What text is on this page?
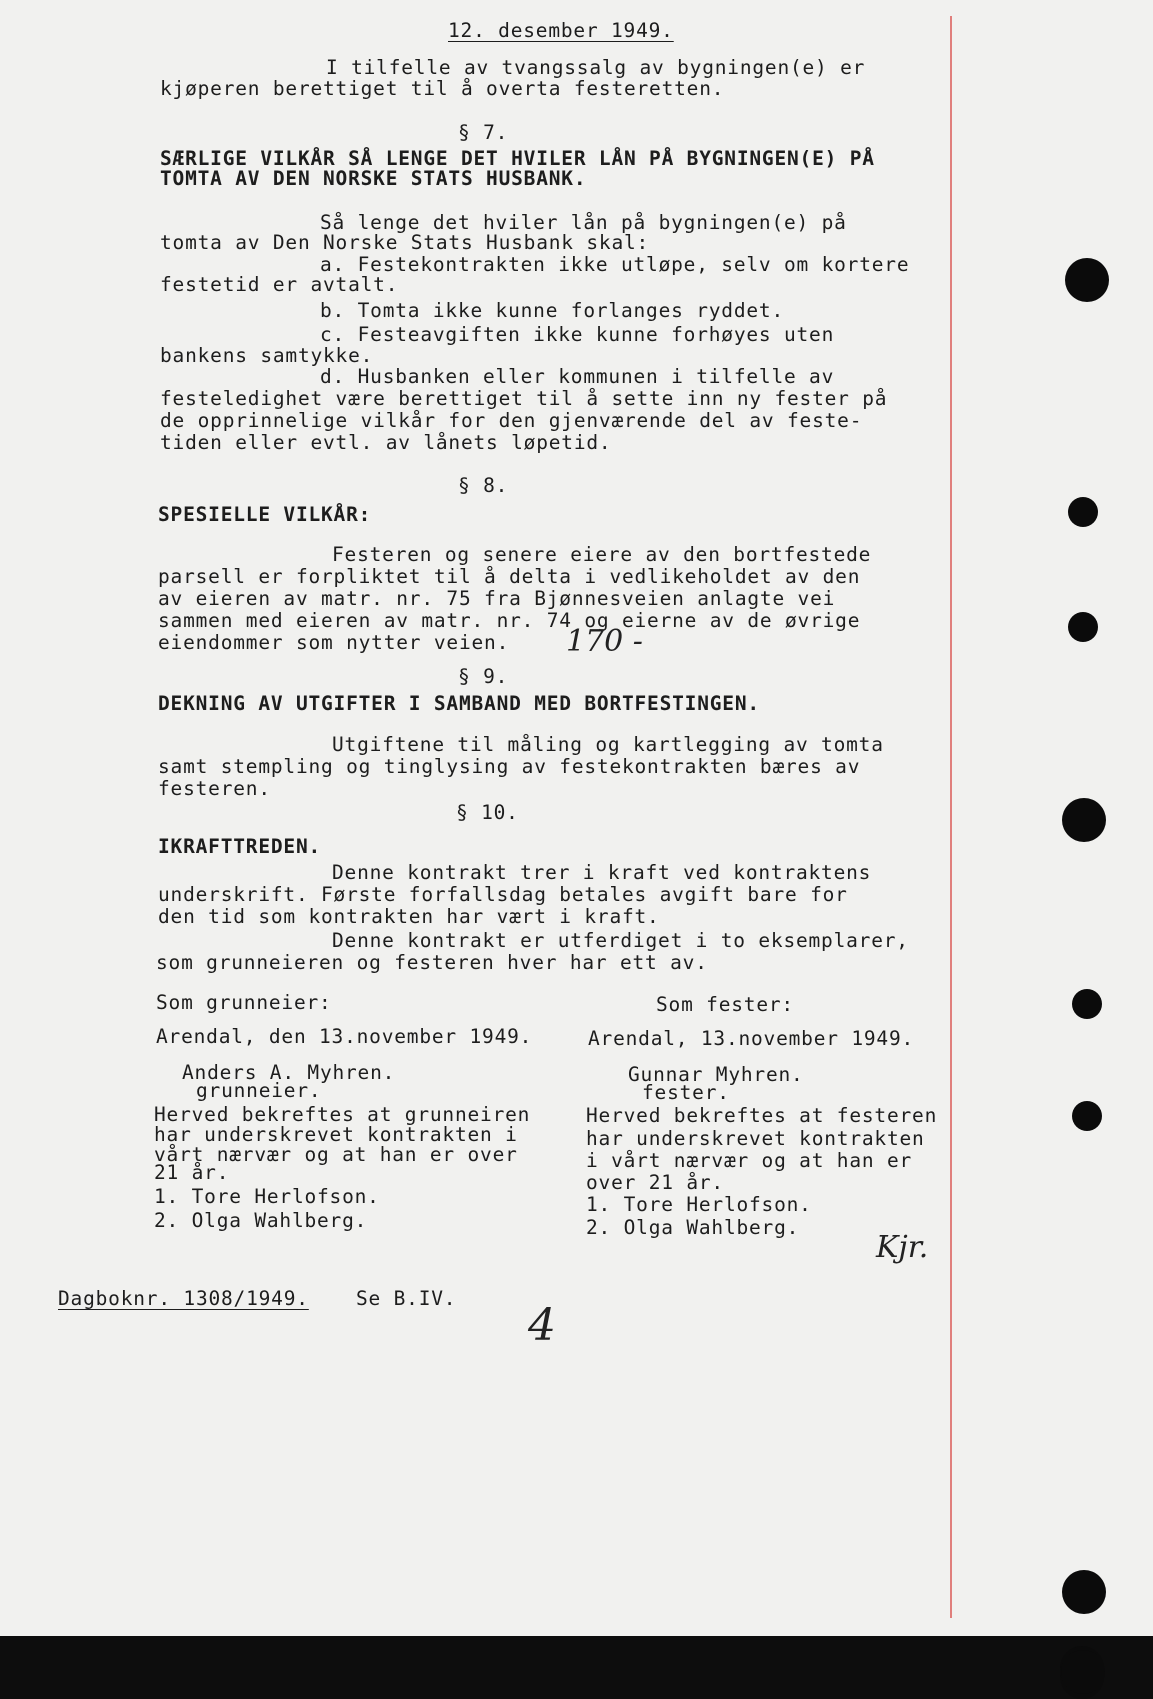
12. desember 1949.
I tilfelle av tvangssalg av bygningen(e) er
kjøperen berettiget til å overta festeretten.
§ 7.
SÆRLIGE VILKÅR SÅ LENGE DET HVILER LÅN PÅ BYGNINGEN(E) PÅ
TOMTA AV DEN NORSKE STATS HUSBANK.
Så lenge det hviler lån på bygningen(e) på
tomta av Den Norske Stats Husbank skal:
a. Festekontrakten ikke utløpe, selv om kortere
festetid er avtalt.
b. Tomta ikke kunne forlanges ryddet.
c. Festeavgiften ikke kunne forhøyes uten
bankens samtykke.
d. Husbanken eller kommunen i tilfelle av
festeledighet være berettiget til å sette inn ny fester på
de opprinnelige vilkår for den gjenværende del av feste-
tiden eller evtl. av lånets løpetid.
§ 8.
SPESIELLE VILKÅR:
Festeren og senere eiere av den bortfestede
parsell er forpliktet til å delta i vedlikeholdet av den
av eieren av matr. nr. 75 fra Bjønnesveien anlagte vei
sammen med eieren av matr. nr. 74 og eierne av de øvrige
eiendommer som nytter veien. 170 -
§ 9.
DEKNING AV UTGIFTER I SAMBAND MED BORTFESTINGEN.
Utgiftene til måling og kartlegging av tomta
samt stempling og tinglysing av festekontrakten bæres av
festeren.
§ 10.
IKRAFTTREDEN.
Denne kontrakt trer i kraft ved kontraktens
underskrift. Første forfallsdag betales avgift bare for
den tid som kontrakten har vært i kraft.
Denne kontrakt er utferdiget i to eksemplarer,
som grunneieren og festeren hver har ett av.
Som grunneier:
Arendal, den 13.november 1949.
Anders A. Myhren.
grunneier.
Herved bekreftes at grunneiren
har underskrevet kontrakten i
vårt nærvær og at han er over
21 år.
1. Tore Herlofson.
2. Olga Wahlberg.
Som fester:
Arendal, 13.november 1949.
Gunnar Myhren.
fester.
Herved bekreftes at festeren
har underskrevet kontrakten
i vårt nærvær og at han er
over 21 år.
1. Tore Herlofson.
2. Olga Wahlberg.
Kjr.
Dagboknr. 1308/1949. Se B.IV.
4
